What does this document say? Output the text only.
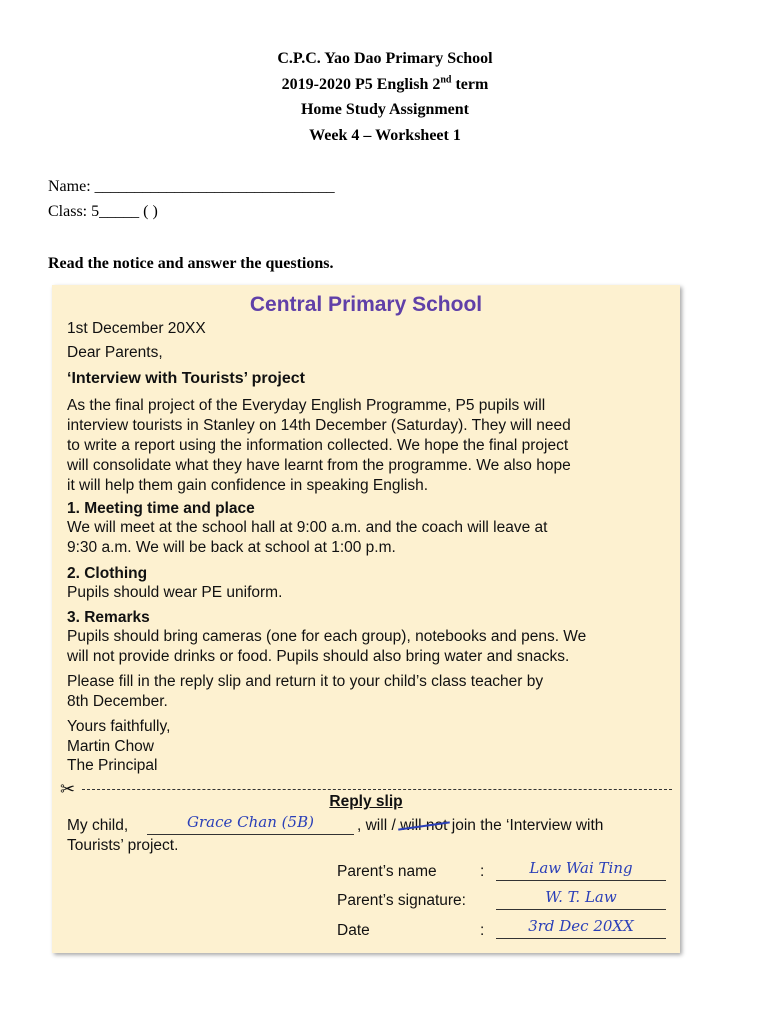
C.P.C. Yao Dao Primary School
2019-2020 P5 English 2nd term
Home Study Assignment
Week 4 – Worksheet 1
Name: ______________________________
Class: 5_____ ( )
Read the notice and answer the questions.
Central Primary School
1st December 20XX
Dear Parents,
‘Interview with Tourists’ project
As the final project of the Everyday English Programme, P5 pupils will
interview tourists in Stanley on 14th December (Saturday). They will need
to write a report using the information collected. We hope the final project
will consolidate what they have learnt from the programme. We also hope
it will help them gain confidence in speaking English.
1. Meeting time and place
We will meet at the school hall at 9:00 a.m. and the coach will leave at
9:30 a.m. We will be back at school at 1:00 p.m.
2. Clothing
Pupils should wear PE uniform.
3. Remarks
Pupils should bring cameras (one for each group), notebooks and pens. We
will not provide drinks or food. Pupils should also bring water and snacks.
Please fill in the reply slip and return it to your child’s class teacher by
8th December.
Yours faithfully,
Martin Chow
The Principal
✂
Reply slip
My child,	Grace Chan (5B)	, will / will not join the ‘Interview with
Tourists’ project.
Parent’s name	:	Law Wai Ting
Parent’s signature:	W. T. Law
Date	:	3rd Dec 20XX
